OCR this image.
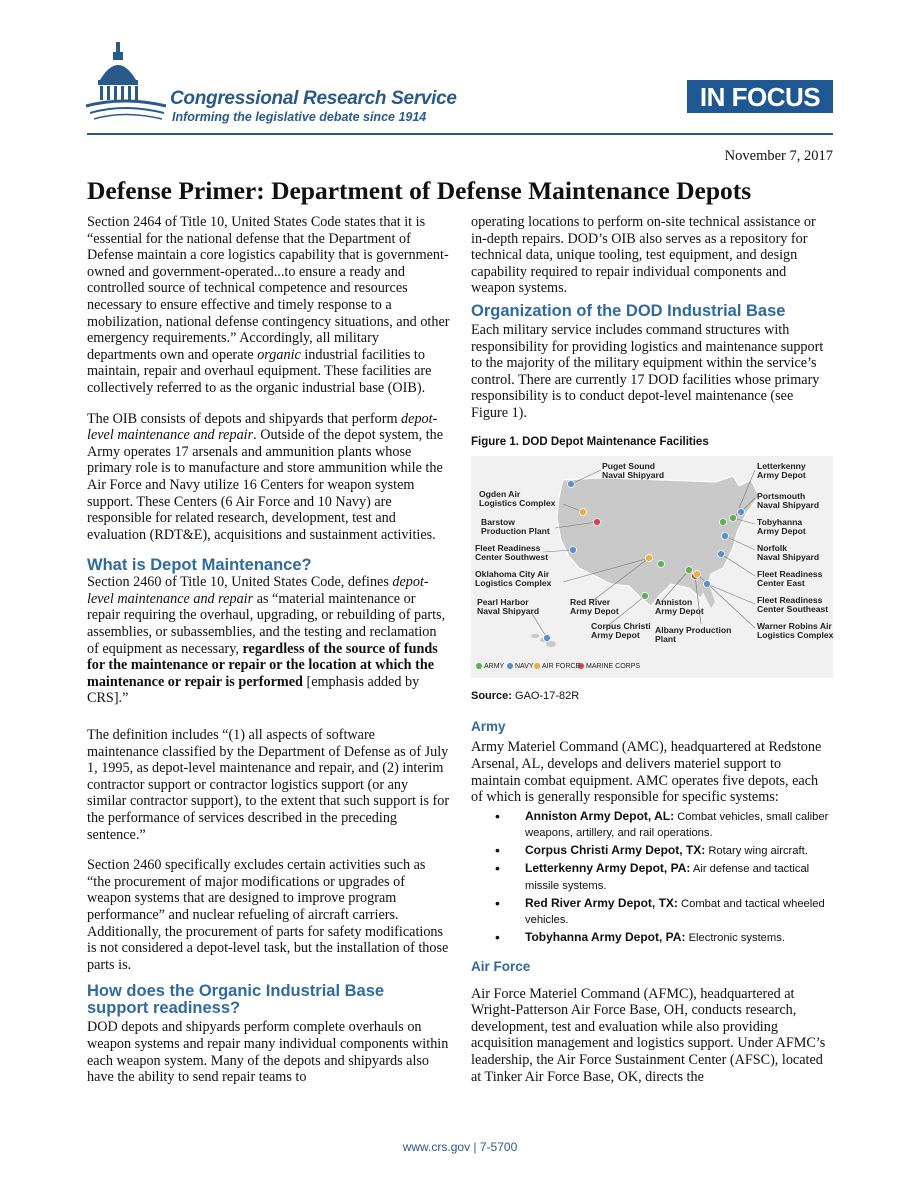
Congressional Research Service
Informing the legislative debate since 1914
IN FOCUS
November 7, 2017
Defense Primer: Department of Defense Maintenance Depots

Section 2464 of Title 10, United States Code states that it is “essential for the national defense that the Department of Defense maintain a core logistics capability that is government-owned and government-operated...to ensure a ready and controlled source of technical competence and resources necessary to ensure effective and timely response to a mobilization, national defense contingency situations, and other emergency requirements.” Accordingly, all military departments own and operate organic industrial facilities to maintain, repair and overhaul equipment. These facilities are collectively referred to as the organic industrial base (OIB).

The OIB consists of depots and shipyards that perform depot-level maintenance and repair. Outside of the depot system, the Army operates 17 arsenals and ammunition plants whose primary role is to manufacture and store ammunition while the Air Force and Navy utilize 16 Centers for weapon system support. These Centers (6 Air Force and 10 Navy) are responsible for related research, development, test and evaluation (RDT&E), acquisitions and sustainment activities.

What is Depot Maintenance?

Section 2460 of Title 10, United States Code, defines depot-level maintenance and repair as “material maintenance or repair requiring the overhaul, upgrading, or rebuilding of parts, assemblies, or subassemblies, and the testing and reclamation of equipment as necessary, regardless of the source of funds for the maintenance or repair or the location at which the maintenance or repair is performed [emphasis added by CRS].”

The definition includes “(1) all aspects of software maintenance classified by the Department of Defense as of July 1, 1995, as depot-level maintenance and repair, and (2) interim contractor support or contractor logistics support (or any similar contractor support), to the extent that such support is for the performance of services described in the preceding sentence.”

Section 2460 specifically excludes certain activities such as “the procurement of major modifications or upgrades of weapon systems that are designed to improve program performance” and nuclear refueling of aircraft carriers. Additionally, the procurement of parts for safety modifications is not considered a depot-level task, but the installation of those parts is.

How does the Organic Industrial Base support readiness?

DOD depots and shipyards perform complete overhauls on weapon systems and repair many individual components within each weapon system. Many of the depots and shipyards also have the ability to send repair teams to

operating locations to perform on-site technical assistance or in-depth repairs. DOD’s OIB also serves as a repository for technical data, unique tooling, test equipment, and design capability required to repair individual components and weapon systems.

Organization of the DOD Industrial Base

Each military service includes command structures with responsibility for providing logistics and maintenance support to the majority of the military equipment within the service’s control. There are currently 17 DOD facilities whose primary responsibility is to conduct depot-level maintenance (see Figure 1).

Figure 1. DOD Depot Maintenance Facilities
Puget Sound
Naval Shipyard
Letterkenny
Army Depot
Ogden Air
Logistics Complex
Portsmouth
Naval Shipyard
Barstow
Production Plant
Tobyhanna
Army Depot
Fleet Readiness
Center Southwest
Norfolk
Naval Shipyard
Oklahoma City Air
Logistics Complex
Fleet Readiness
Center East
Pearl Harbor
Naval Shipyard
Red River
Army Depot
Anniston
Army Depot
Fleet Readiness
Center Southeast
Corpus Christi
Army Depot
Albany Production
Plant
Warner Robins Air
Logistics Complex
ARMY NAVY AIR FORCE MARINE CORPS
Source: GAO-17-82R
Army

Army Materiel Command (AMC), headquartered at Redstone Arsenal, AL, develops and delivers materiel support to maintain combat equipment. AMC operates five depots, each of which is generally responsible for specific systems:

• Anniston Army Depot, AL: Combat vehicles, small caliber weapons, artillery, and rail operations.
• Corpus Christi Army Depot, TX: Rotary wing aircraft.
• Letterkenny Army Depot, PA: Air defense and tactical missile systems.
• Red River Army Depot, TX: Combat and tactical wheeled vehicles.
• Tobyhanna Army Depot, PA: Electronic systems.
Air Force

Air Force Materiel Command (AFMC), headquartered at Wright-Patterson Air Force Base, OH, conducts research, development, test and evaluation while also providing acquisition management and logistics support. Under AFMC’s leadership, the Air Force Sustainment Center (AFSC), located at Tinker Air Force Base, OK, directs the

www.crs.gov | 7-5700
